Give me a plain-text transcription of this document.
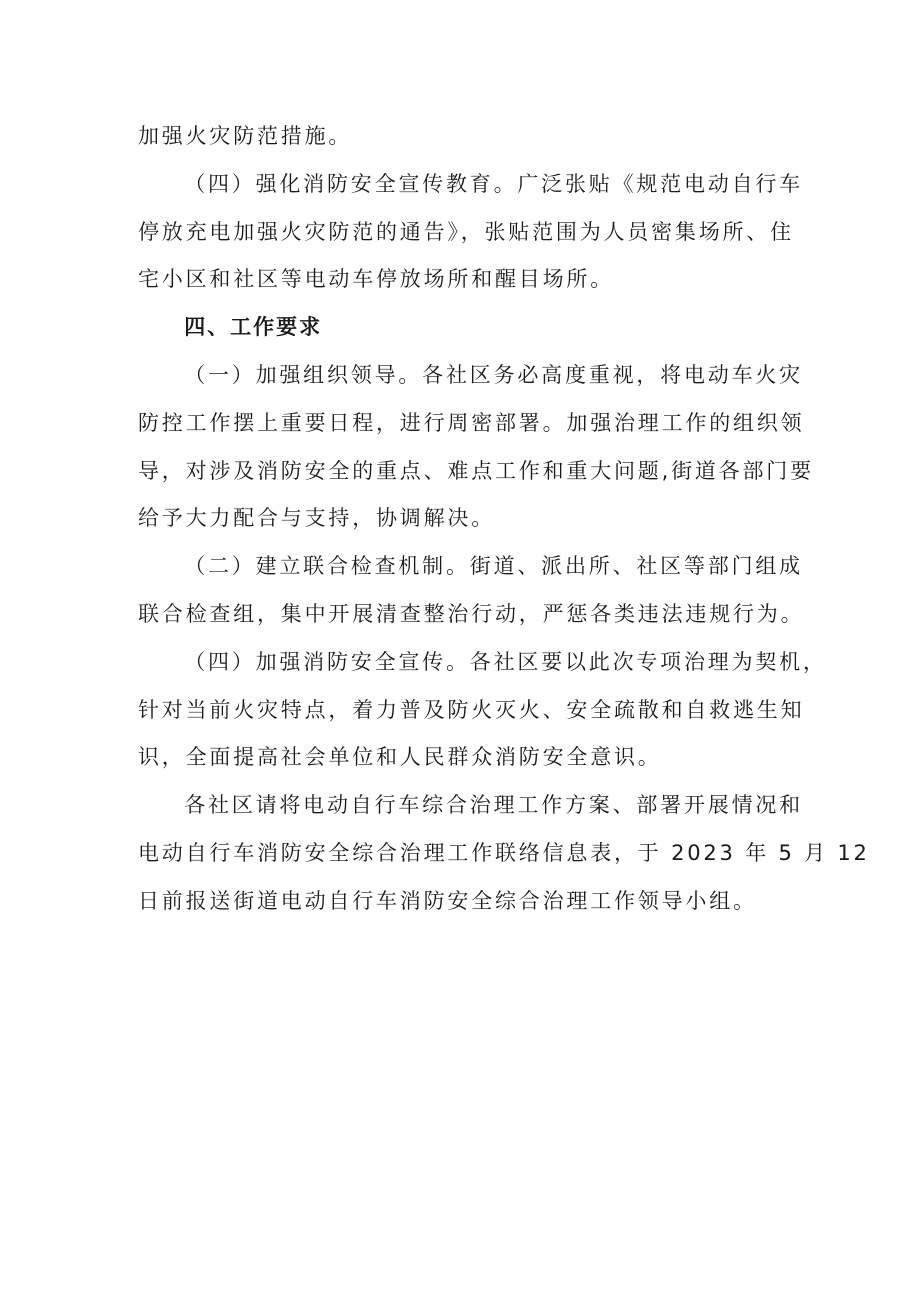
加强火灾防范措施。

（四）强化消防安全宣传教育。广泛张贴《规范电动自行车
停放充电加强火灾防范的通告》，张贴范围为人员密集场所、住
宅小区和社区等电动车停放场所和醒目场所。

四、工作要求

（一）加强组织领导。各社区务必高度重视，将电动车火灾
防控工作摆上重要日程，进行周密部署。加强治理工作的组织领
导，对涉及消防安全的重点、难点工作和重大问题,街道各部门要
给予大力配合与支持，协调解决。

（二）建立联合检查机制。街道、派出所、社区等部门组成
联合检查组，集中开展清查整治行动，严惩各类违法违规行为。

（四）加强消防安全宣传。各社区要以此次专项治理为契机，
针对当前火灾特点，着力普及防火灭火、安全疏散和自救逃生知
识，全面提高社会单位和人民群众消防安全意识。

各社区请将电动自行车综合治理工作方案、部署开展情况和
电动自行车消防安全综合治理工作联络信息表，于 2023 年 5 月 12
日前报送街道电动自行车消防安全综合治理工作领导小组。
